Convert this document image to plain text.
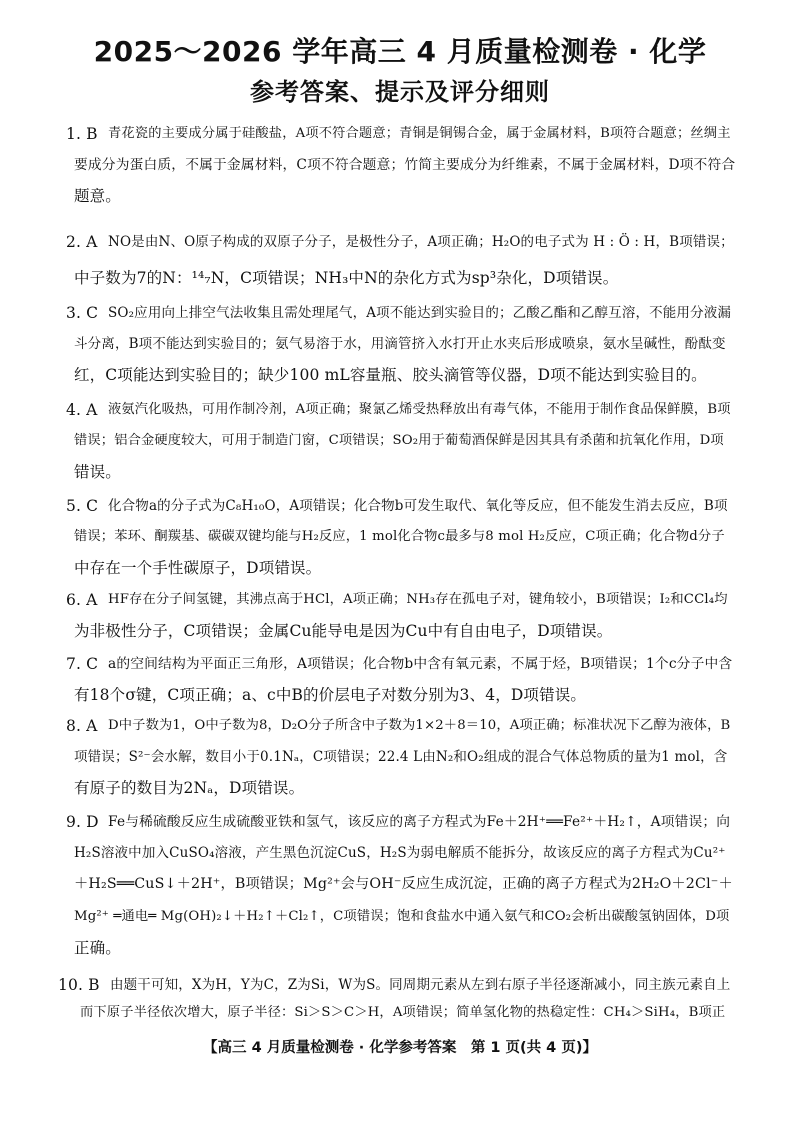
2025～2026 学年高三 4 月质量检测卷 · 化学
参考答案、提示及评分细则
1. B 青花瓷的主要成分属于硅酸盐，A项不符合题意；青铜是铜锡合金，属于金属材料，B项符合题意；丝绸主
要成分为蛋白质，不属于金属材料，C项不符合题意；竹简主要成分为纤维素，不属于金属材料，D项不符合
题意。
2. A NO是由N、O原子构成的双原子分子，是极性分子，A项正确；H₂O的电子式为 H : Ö : H，B项错误；
中子数为7的N：¹⁴₇N，C项错误；NH₃中N的杂化方式为sp³杂化，D项错误。
3. C SO₂应用向上排空气法收集且需处理尾气，A项不能达到实验目的；乙酸乙酯和乙醇互溶，不能用分液漏
斗分离，B项不能达到实验目的；氨气易溶于水，用滴管挤入水打开止水夹后形成喷泉，氨水呈碱性，酚酞变
红，C项能达到实验目的；缺少100 mL容量瓶、胶头滴管等仪器，D项不能达到实验目的。
4. A 液氨汽化吸热，可用作制冷剂，A项正确；聚氯乙烯受热释放出有毒气体，不能用于制作食品保鲜膜，B项
错误；铝合金硬度较大，可用于制造门窗，C项错误；SO₂用于葡萄酒保鲜是因其具有杀菌和抗氧化作用，D项
错误。
5. C 化合物a的分子式为C₈H₁₀O，A项错误；化合物b可发生取代、氧化等反应，但不能发生消去反应，B项
错误；苯环、酮羰基、碳碳双键均能与H₂反应，1 mol化合物c最多与8 mol H₂反应，C项正确；化合物d分子
中存在一个手性碳原子，D项错误。
6. A HF存在分子间氢键，其沸点高于HCl，A项正确；NH₃存在孤电子对，键角较小，B项错误；I₂和CCl₄均
为非极性分子，C项错误；金属Cu能导电是因为Cu中有自由电子，D项错误。
7. C a的空间结构为平面正三角形，A项错误；化合物b中含有氧元素，不属于烃，B项错误；1个c分子中含
有18个σ键，C项正确；a、c中B的价层电子对数分别为3、4，D项错误。
8. A D中子数为1，O中子数为8，D₂O分子所含中子数为1×2＋8＝10，A项正确；标准状况下乙醇为液体，B
项错误；S²⁻会水解，数目小于0.1Nₐ，C项错误；22.4 L由N₂和O₂组成的混合气体总物质的量为1 mol，含
有原子的数目为2Nₐ，D项错误。
9. D Fe与稀硫酸反应生成硫酸亚铁和氢气，该反应的离子方程式为Fe＋2H⁺══Fe²⁺＋H₂↑，A项错误；向
H₂S溶液中加入CuSO₄溶液，产生黑色沉淀CuS，H₂S为弱电解质不能拆分，故该反应的离子方程式为Cu²⁺
＋H₂S══CuS↓＋2H⁺，B项错误；Mg²⁺会与OH⁻反应生成沉淀，正确的离子方程式为2H₂O＋2Cl⁻＋
Mg²⁺ ═通电═ Mg(OH)₂↓＋H₂↑＋Cl₂↑，C项错误；饱和食盐水中通入氨气和CO₂会析出碳酸氢钠固体，D项
正确。
10. B 由题干可知，X为H，Y为C，Z为Si，W为S。同周期元素从左到右原子半径逐渐减小，同主族元素自上
而下原子半径依次增大，原子半径：Si＞S＞C＞H，A项错误；简单氢化物的热稳定性：CH₄＞SiH₄，B项正
【高三 4 月质量检测卷 · 化学参考答案　第 1 页(共 4 页)】
